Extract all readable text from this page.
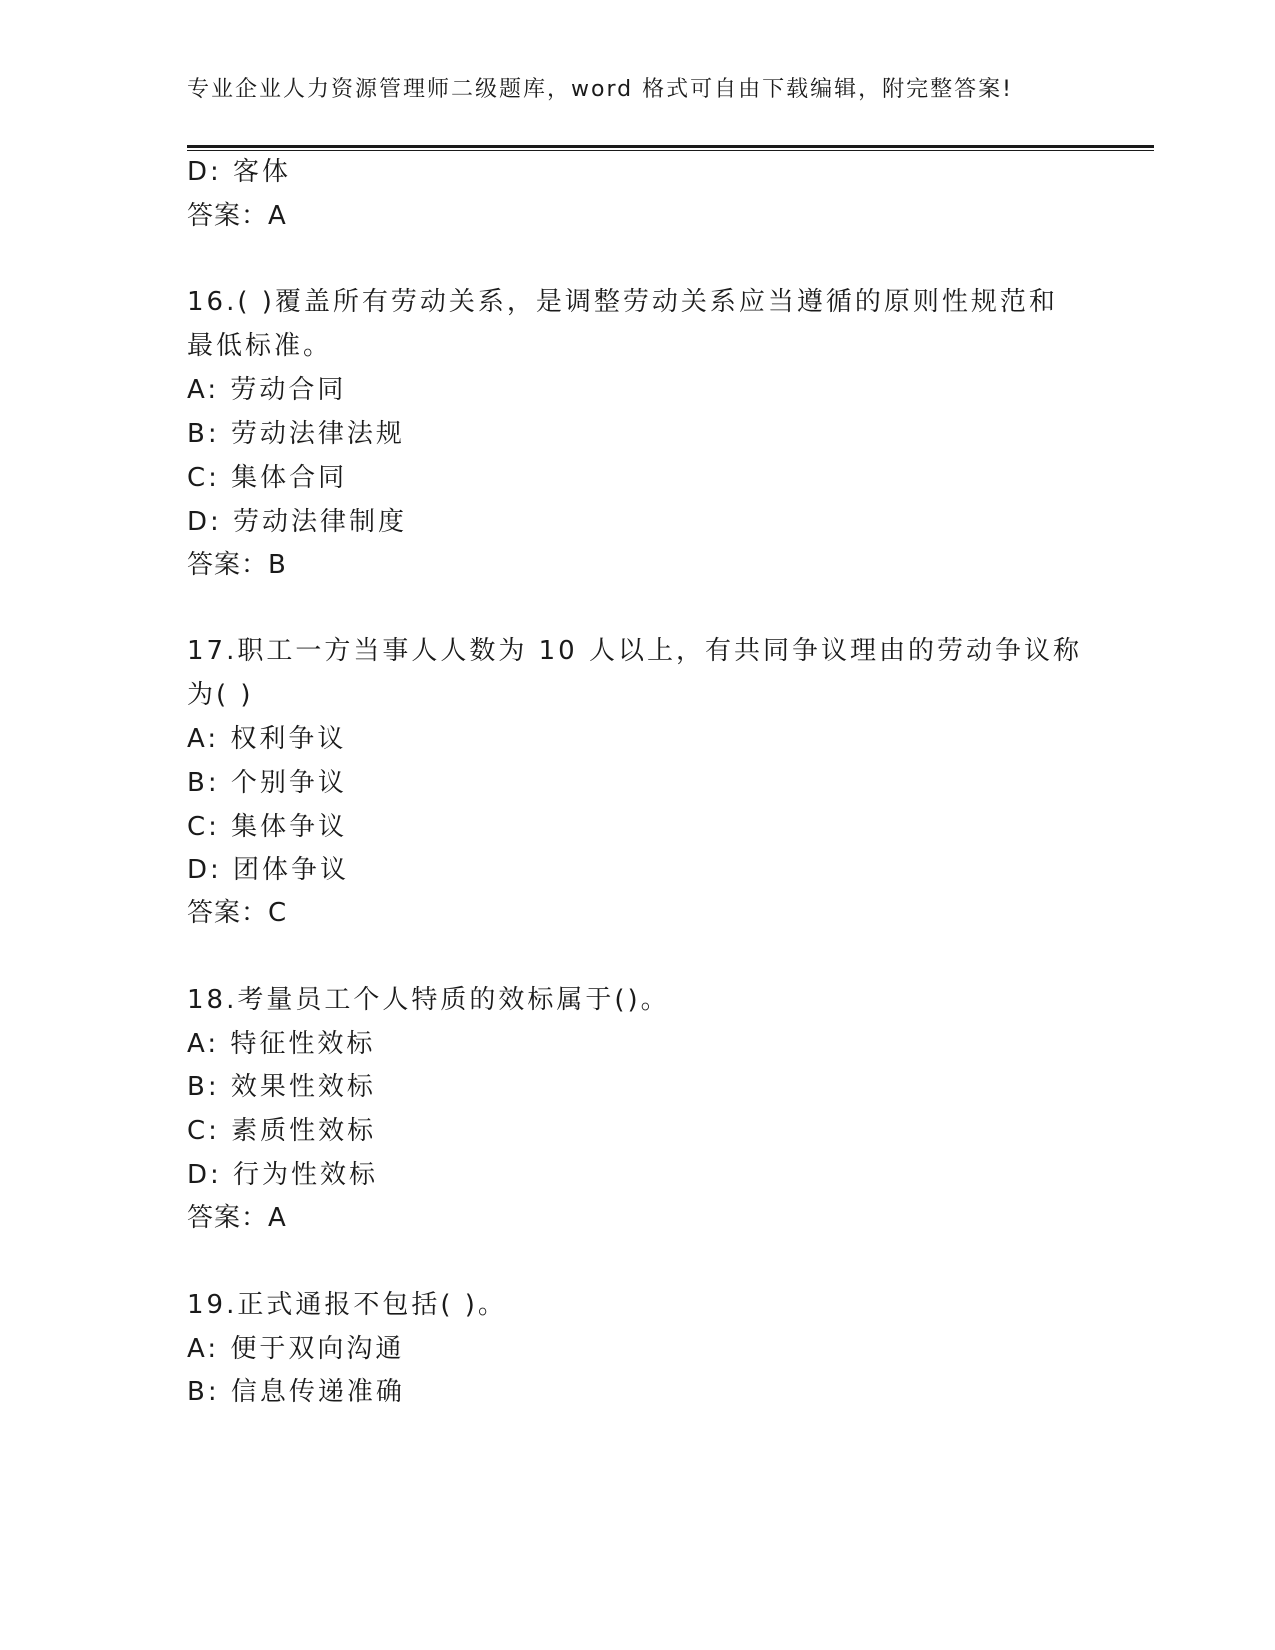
专业企业人力资源管理师二级题库，word 格式可自由下载编辑，附完整答案!
D: 客体
答案：A
16.( )覆盖所有劳动关系，是调整劳动关系应当遵循的原则性规范和
最低标准。
A: 劳动合同
B: 劳动法律法规
C: 集体合同
D: 劳动法律制度
答案：B
17.职工一方当事人人数为 10 人以上，有共同争议理由的劳动争议称
为( )
A: 权利争议
B: 个别争议
C: 集体争议
D: 团体争议
答案：C
18.考量员工个人特质的效标属于()。
A: 特征性效标
B: 效果性效标
C: 素质性效标
D: 行为性效标
答案：A
19.正式通报不包括( )。
A: 便于双向沟通
B: 信息传递准确
